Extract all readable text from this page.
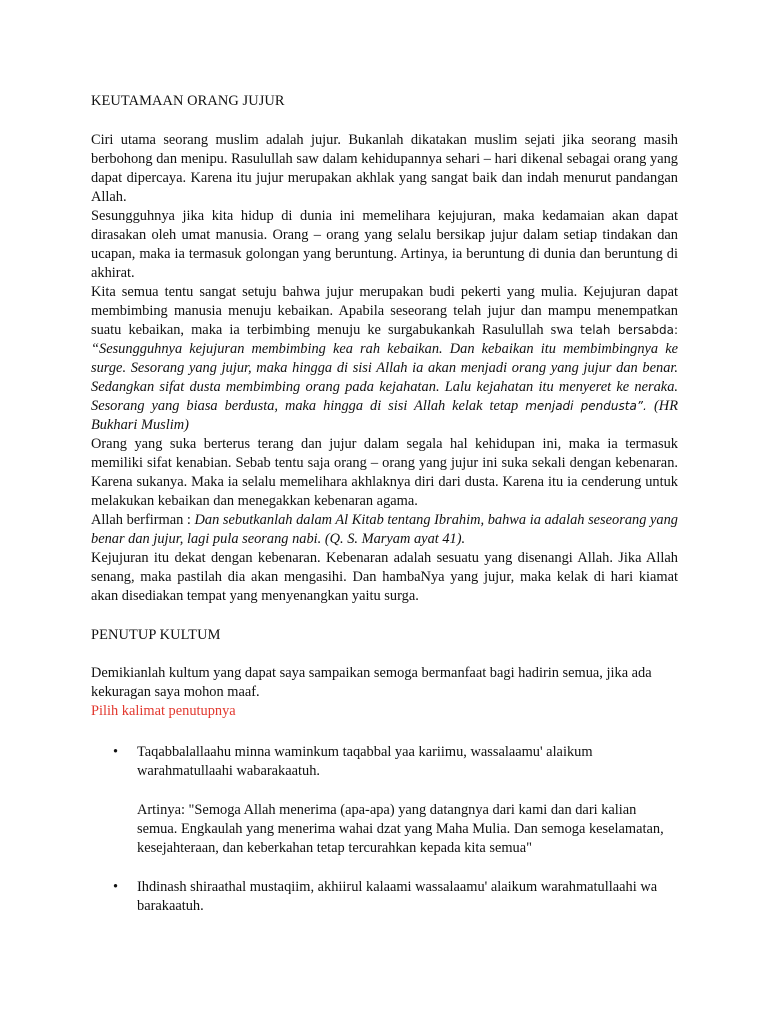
KEUTAMAAN ORANG JUJUR

Ciri utama seorang muslim adalah jujur. Bukanlah dikatakan muslim sejati jika seorang masih berbohong dan menipu. Rasulullah saw dalam kehidupannya sehari – hari dikenal sebagai orang yang dapat dipercaya. Karena itu jujur merupakan akhlak yang sangat baik dan indah menurut pandangan Allah.

Sesungguhnya jika kita hidup di dunia ini memelihara kejujuran, maka kedamaian akan dapat dirasakan oleh umat manusia. Orang – orang yang selalu bersikap jujur dalam setiap tindakan dan ucapan, maka ia termasuk golongan yang beruntung. Artinya, ia beruntung di dunia dan beruntung di akhirat.

Kita semua tentu sangat setuju bahwa jujur merupakan budi pekerti yang mulia. Kejujuran dapat membimbing manusia menuju kebaikan. Apabila seseorang telah jujur dan mampu menempatkan suatu kebaikan, maka ia terbimbing menuju ke surgabukankah Rasulullah swa telah bersabda: “Sesungguhnya kejujuran membimbing kea rah kebaikan. Dan kebaikan itu membimbingnya ke surge. Sesorang yang jujur, maka hingga di sisi Allah ia akan menjadi orang yang jujur dan benar. Sedangkan sifat dusta membimbing orang pada kejahatan. Lalu kejahatan itu menyeret ke neraka. Sesorang yang biasa berdusta, maka hingga di sisi Allah kelak tetap menjadi pendusta”. (HR Bukhari Muslim)

Orang yang suka berterus terang dan jujur dalam segala hal kehidupan ini, maka ia termasuk memiliki sifat kenabian. Sebab tentu saja orang – orang yang jujur ini suka sekali dengan kebenaran. Karena sukanya. Maka ia selalu memelihara akhlaknya diri dari dusta. Karena itu ia cenderung untuk melakukan kebaikan dan menegakkan kebenaran agama.

Allah berfirman : Dan sebutkanlah dalam Al Kitab tentang Ibrahim, bahwa ia adalah seseorang yang benar dan jujur, lagi pula seorang nabi. (Q. S. Maryam ayat 41).

Kejujuran itu dekat dengan kebenaran. Kebenaran adalah sesuatu yang disenangi Allah. Jika Allah senang, maka pastilah dia akan mengasihi. Dan hambaNya yang jujur, maka kelak di hari kiamat akan disediakan tempat yang menyenangkan yaitu surga.

PENUTUP KULTUM

Demikianlah kultum yang dapat saya sampaikan semoga bermanfaat bagi hadirin semua, jika ada kekuragan saya mohon maaf.

Pilih kalimat penutupnya

• Taqabbalallaahu minna waminkum taqabbal yaa kariimu, wassalaamu' alaikum warahmatullaahi wabarakaatuh.

Artinya: "Semoga Allah menerima (apa-apa) yang datangnya dari kami dan dari kalian semua. Engkaulah yang menerima wahai dzat yang Maha Mulia. Dan semoga keselamatan, kesejahteraan, dan keberkahan tetap tercurahkan kepada kita semua"

• Ihdinash shiraathal mustaqiim, akhiirul kalaami wassalaamu' alaikum warahmatullaahi wa barakaatuh.
